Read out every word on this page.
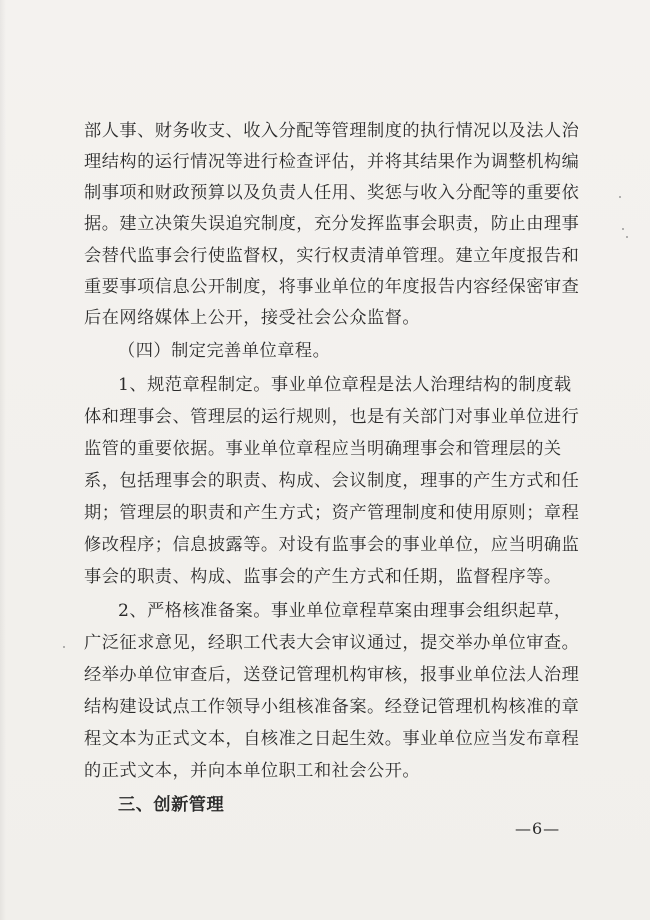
部人事、财务收支、收入分配等管理制度的执行情况以及法人治
理结构的运行情况等进行检查评估，并将其结果作为调整机构编
制事项和财政预算以及负责人任用、奖惩与收入分配等的重要依
据。建立决策失误追究制度，充分发挥监事会职责，防止由理事
会替代监事会行使监督权，实行权责清单管理。建立年度报告和
重要事项信息公开制度，将事业单位的年度报告内容经保密审查
后在网络媒体上公开，接受社会公众监督。
（四）制定完善单位章程。
1、规范章程制定。事业单位章程是法人治理结构的制度载
体和理事会、管理层的运行规则，也是有关部门对事业单位进行
监管的重要依据。事业单位章程应当明确理事会和管理层的关
系，包括理事会的职责、构成、会议制度，理事的产生方式和任
期；管理层的职责和产生方式；资产管理制度和使用原则；章程
修改程序；信息披露等。对设有监事会的事业单位，应当明确监
事会的职责、构成、监事会的产生方式和任期，监督程序等。
2、严格核准备案。事业单位章程草案由理事会组织起草，
广泛征求意见，经职工代表大会审议通过，提交举办单位审查。
经举办单位审查后，送登记管理机构审核，报事业单位法人治理
结构建设试点工作领导小组核准备案。经登记管理机构核准的章
程文本为正式文本，自核准之日起生效。事业单位应当发布章程
的正式文本，并向本单位职工和社会公开。
三、创新管理
—6—
